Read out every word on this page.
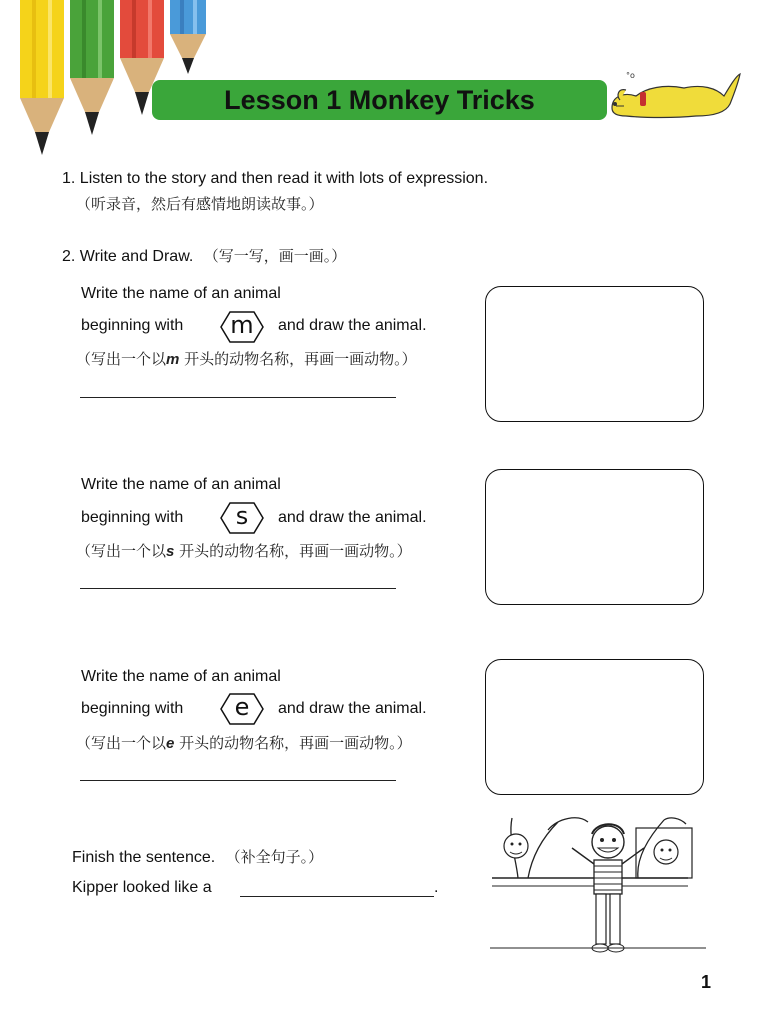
Lesson 1 Monkey Tricks
°o
1. Listen to the story and then read it with lots of expression.
（听录音，然后有感情地朗读故事。）
2. Write and Draw. （写一写，画一画。）
Write the name of an animal
beginning with	m	and draw the animal.
（写出一个以m 开头的动物名称，再画一画动物。）
Write the name of an animal
beginning with	s	and draw the animal.
（写出一个以s 开头的动物名称，再画一画动物。）
Write the name of an animal
beginning with	e	and draw the animal.
（写出一个以e 开头的动物名称，再画一画动物。）
Finish the sentence. （补全句子。）
Kipper looked like a	.
1
